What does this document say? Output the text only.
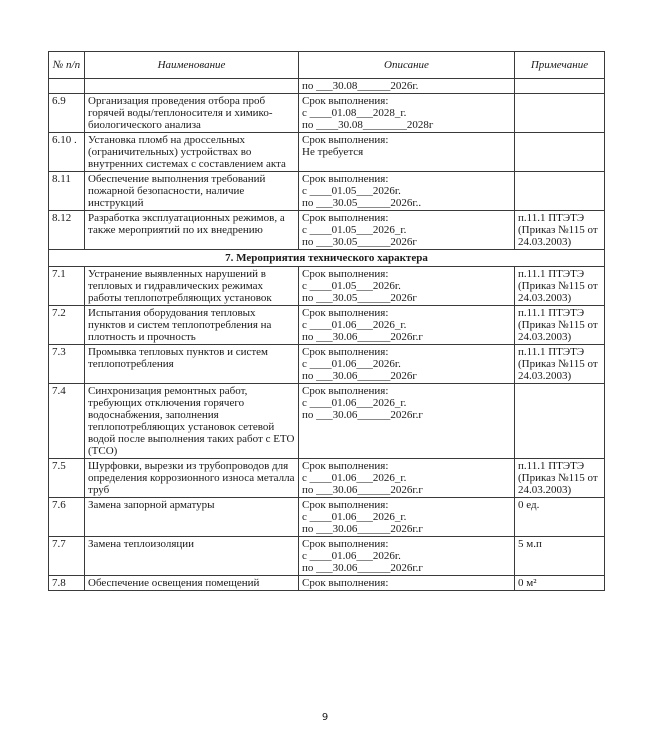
№ п/п	Наименование	Описание	Примечание

		по ___30.08______2026г.	

6.9	Организация проведения отбора проб горячей воды/теплоносителя и химико-биологического анализа	Срок выполнения:
с ____01.08___2028_г.
по ____30.08________2028г	

6.10 .	Установка пломб на дроссельных (ограничительных) устройствах во внутренних системах с составлением акта	Срок выполнения:
Не требуется	

8.11	Обеспечение выполнения требований пожарной безопасности, наличие инструкций	Срок выполнения:
с ____01.05___2026г.
по ___30.05______2026г..	

8.12	Разработка эксплуатационных режимов, а также мероприятий по их внедрению	Срок выполнения:
с ____01.05___2026_г.
по ___30.05______2026г	п.11.1 ПТЭТЭ (Приказ №115 от 24.03.2003)
7. Мероприятия технического характера			
7.1	Устранение выявленных нарушений в тепловых и гидравлических режимах работы теплопотребляющих установок	Срок выполнения:
с ____01.05___2026г.
по ___30.05______2026г	п.11.1 ПТЭТЭ (Приказ №115 от 24.03.2003)
7.2	Испытания оборудования тепловых пунктов и систем теплопотребления на плотность и прочность	Срок выполнения:
с ____01.06___2026_г.
по ___30.06______2026г.г	п.11.1 ПТЭТЭ (Приказ №115 от 24.03.2003)
7.3	Промывка тепловых пунктов и систем теплопотребления	Срок выполнения:
с ____01.06___2026г.
по ___30.06______2026г	п.11.1 ПТЭТЭ (Приказ №115 от 24.03.2003)
7.4	Синхронизация ремонтных работ, требующих отключения горячего водоснабжения, заполнения теплопотребляющих установок сетевой водой после выполнения таких работ с ЕТО (ТСО)	Срок выполнения:
с ____01.06___2026_г.
по ___30.06______2026г.г	

7.5	Шурфовки, вырезки из трубопроводов для определения коррозионного износа металла труб	Срок выполнения:
с ____01.06___2026_г.
по ___30.06______2026г.г	п.11.1 ПТЭТЭ (Приказ №115 от 24.03.2003)
7.6	Замена запорной арматуры	Срок выполнения:
с ____01.06___2026_г.
по ___30.06______2026г.г	0 ед.
7.7	Замена теплоизоляции	Срок выполнения:
с ____01.06___2026г.
по ___30.06______2026г.г	5 м.п
7.8	Обеспечение освещения помещений	Срок выполнения:	0 м²
9
